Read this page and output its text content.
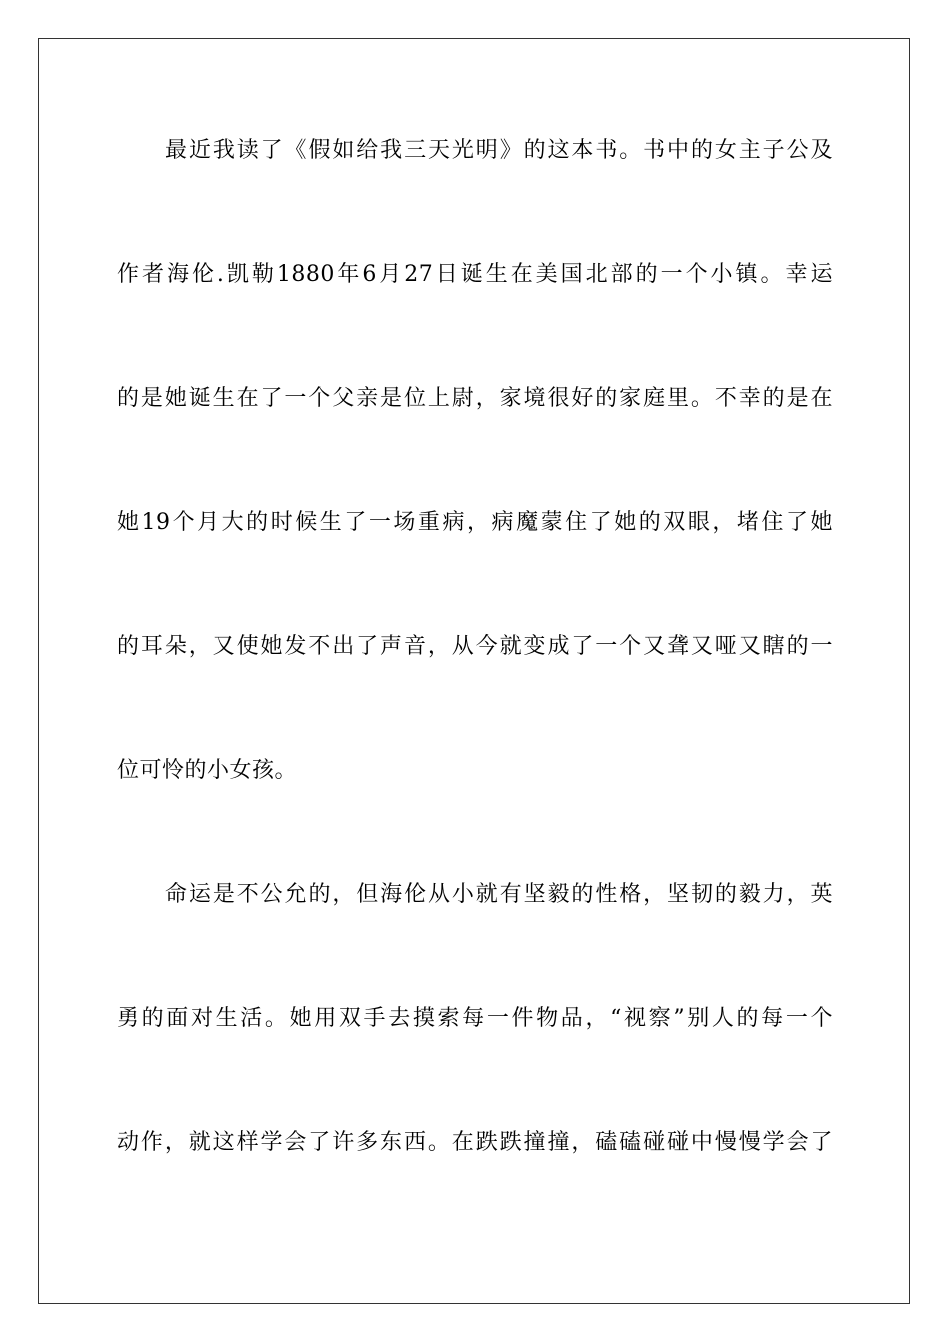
最近我读了《假如给我三天光明》的这本书。书中的女主子公及
作者海伦.凯勒1880年6月27日诞生在美国北部的一个小镇。幸运
的是她诞生在了一个父亲是位上尉，家境很好的家庭里。不幸的是在
她19个月大的时候生了一场重病，病魔蒙住了她的双眼，堵住了她
的耳朵，又使她发不出了声音，从今就变成了一个又聋又哑又瞎的一
位可怜的小女孩。
命运是不公允的，但海伦从小就有坚毅的性格，坚韧的毅力，英
勇的面对生活。她用双手去摸索每一件物品，“视察”别人的每一个
动作，就这样学会了许多东西。在跌跌撞撞，磕磕碰碰中慢慢学会了
